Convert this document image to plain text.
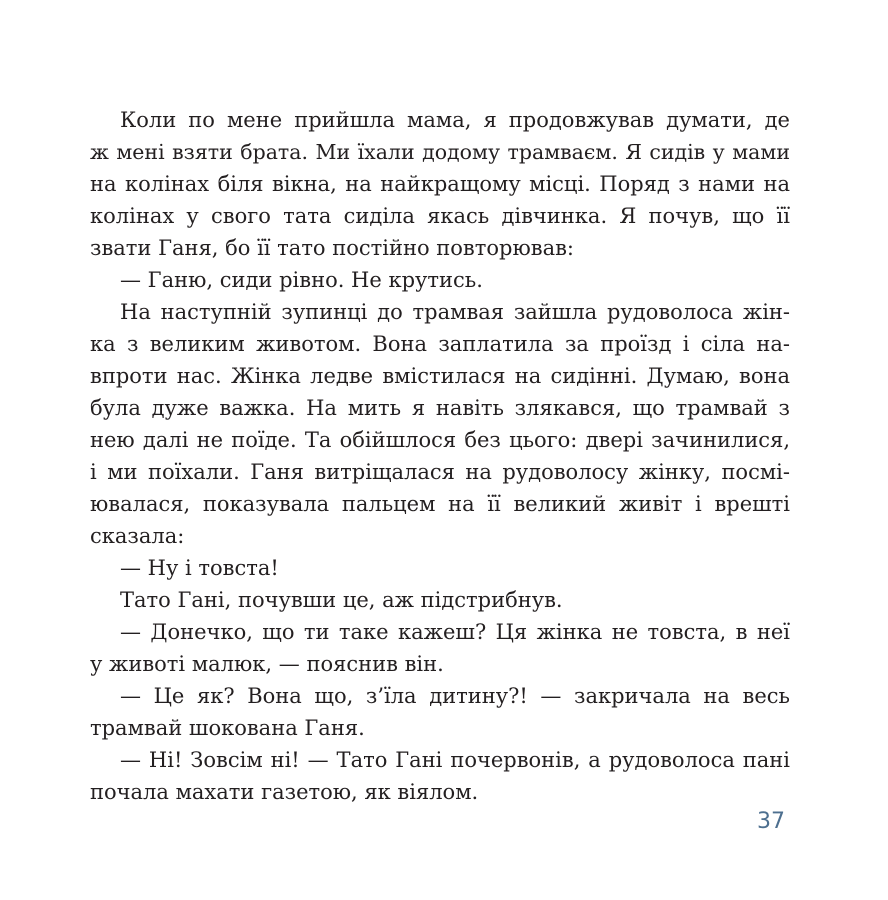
Коли по мене прийшла мама, я продовжував думати, де
ж мені взяти брата. Ми їхали додому трамваєм. Я сидів у мами
на колінах біля вікна, на найкращому місці. Поряд з нами на
колінах у свого тата сиділа якась дівчинка. Я почув, що її
звати Ганя, бо її тато постійно повторював:
— Ганю, сиди рівно. Не крутись.
На наступній зупинці до трамвая зайшла рудоволоса жін-
ка з великим животом. Вона заплатила за проїзд і сіла на-
впроти нас. Жінка ледве вмістилася на сидінні. Думаю, вона
була дуже важка. На мить я навіть злякався, що трамвай з
нею далі не поїде. Та обійшлося без цього: двері зачинилися,
і ми поїхали. Ганя витріщалася на рудоволосу жінку, посмі-
ювалася, показувала пальцем на її великий живіт і врешті
сказала:
— Ну і товста!
Тато Гані, почувши це, аж підстрибнув.
— Донечко, що ти таке кажеш? Ця жінка не товста, в неї
у животі малюк, — пояснив він.
— Це як? Вона що, з’їла дитину?! — закричала на весь
трамвай шокована Ганя.
— Ні! Зовсім ні! — Тато Гані почервонів, а рудоволоса пані
почала махати газетою, як віялом.
37
